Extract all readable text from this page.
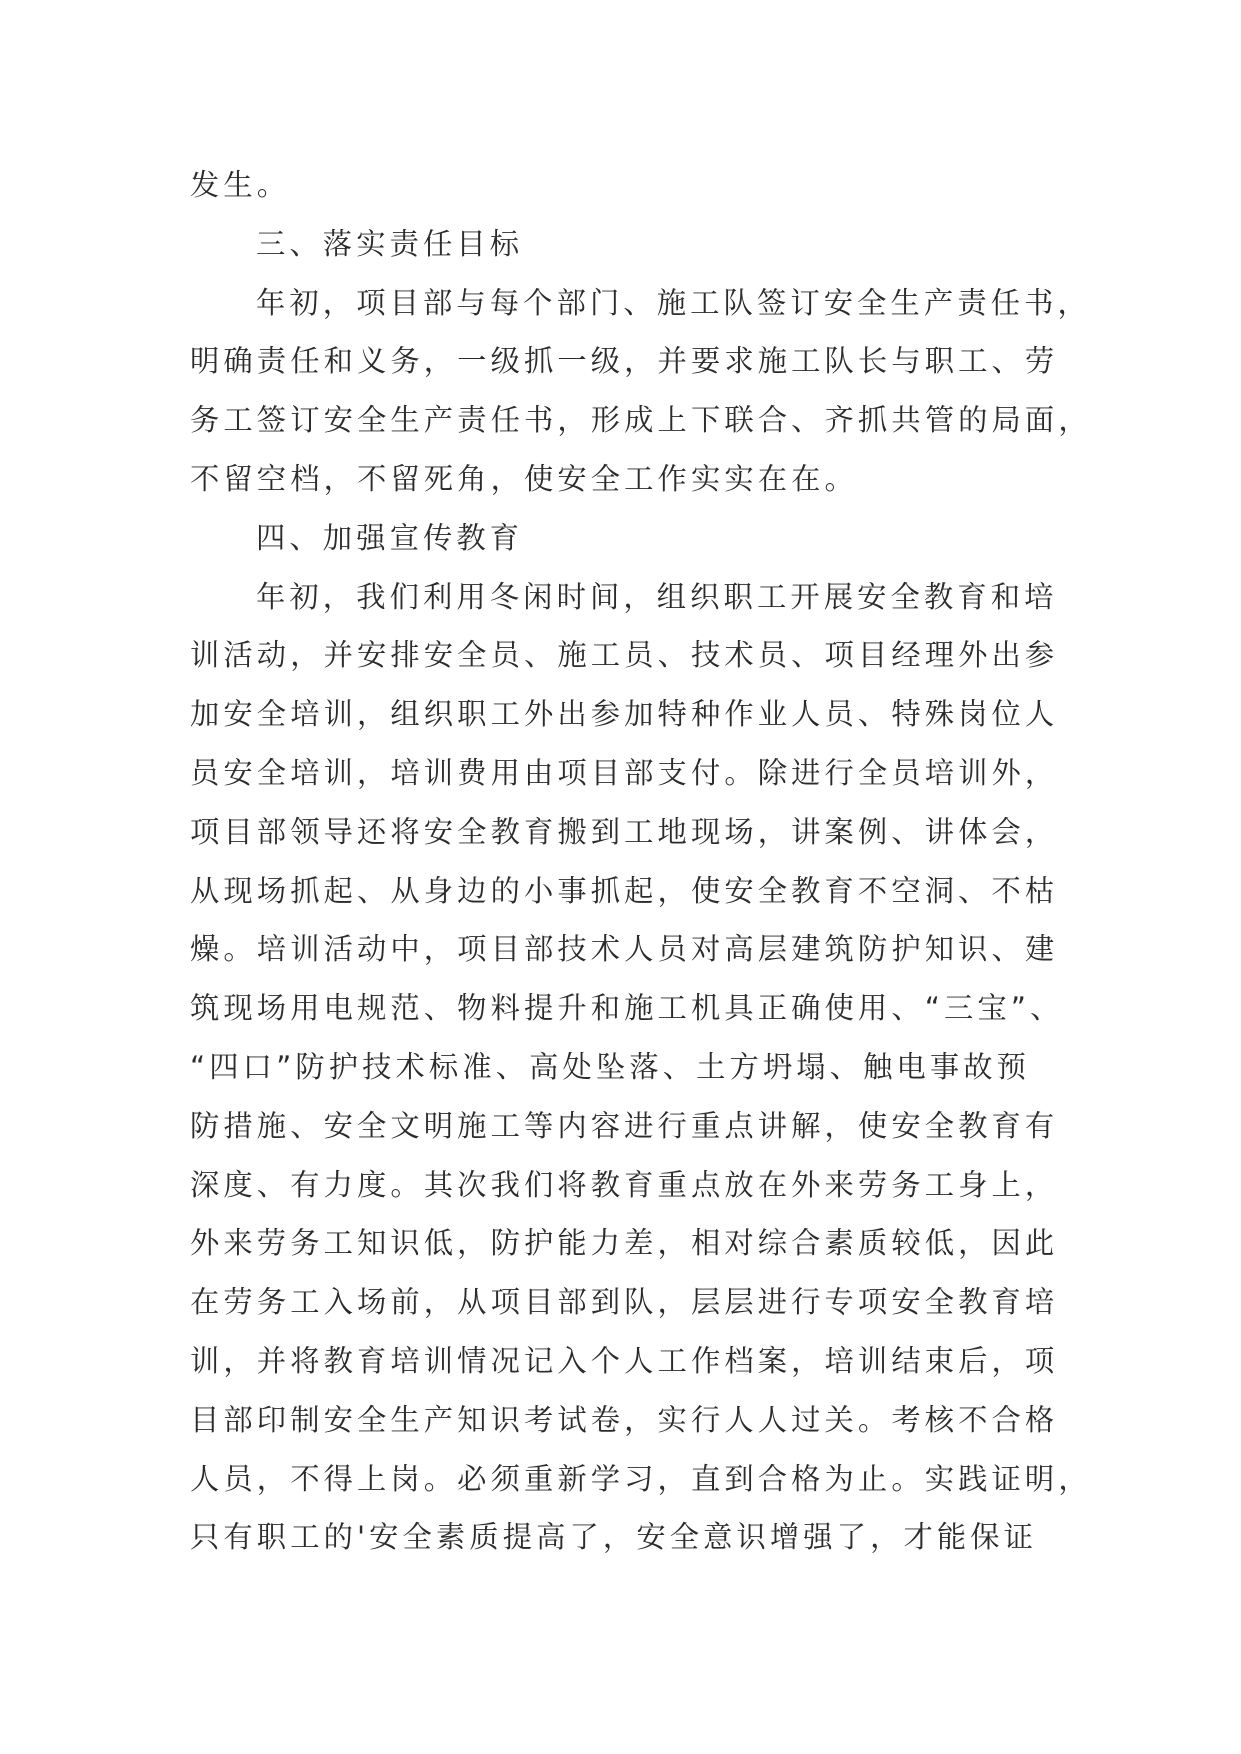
发生。
三、落实责任目标
年初，项目部与每个部门、施工队签订安全生产责任书，
明确责任和义务，一级抓一级，并要求施工队长与职工、劳
务工签订安全生产责任书，形成上下联合、齐抓共管的局面，
不留空档，不留死角，使安全工作实实在在。
四、加强宣传教育
年初，我们利用冬闲时间，组织职工开展安全教育和培
训活动，并安排安全员、施工员、技术员、项目经理外出参
加安全培训，组织职工外出参加特种作业人员、特殊岗位人
员安全培训，培训费用由项目部支付。除进行全员培训外，
项目部领导还将安全教育搬到工地现场，讲案例、讲体会，
从现场抓起、从身边的小事抓起，使安全教育不空洞、不枯
燥。培训活动中，项目部技术人员对高层建筑防护知识、建
筑现场用电规范、物料提升和施工机具正确使用、“三宝”、
“四口”防护技术标准、高处坠落、土方坍塌、触电事故预
防措施、安全文明施工等内容进行重点讲解，使安全教育有
深度、有力度。其次我们将教育重点放在外来劳务工身上，
外来劳务工知识低，防护能力差，相对综合素质较低，因此
在劳务工入场前，从项目部到队，层层进行专项安全教育培
训，并将教育培训情况记入个人工作档案，培训结束后，项
目部印制安全生产知识考试卷，实行人人过关。考核不合格
人员，不得上岗。必须重新学习，直到合格为止。实践证明，
只有职工的'安全素质提高了，安全意识增强了，才能保证
